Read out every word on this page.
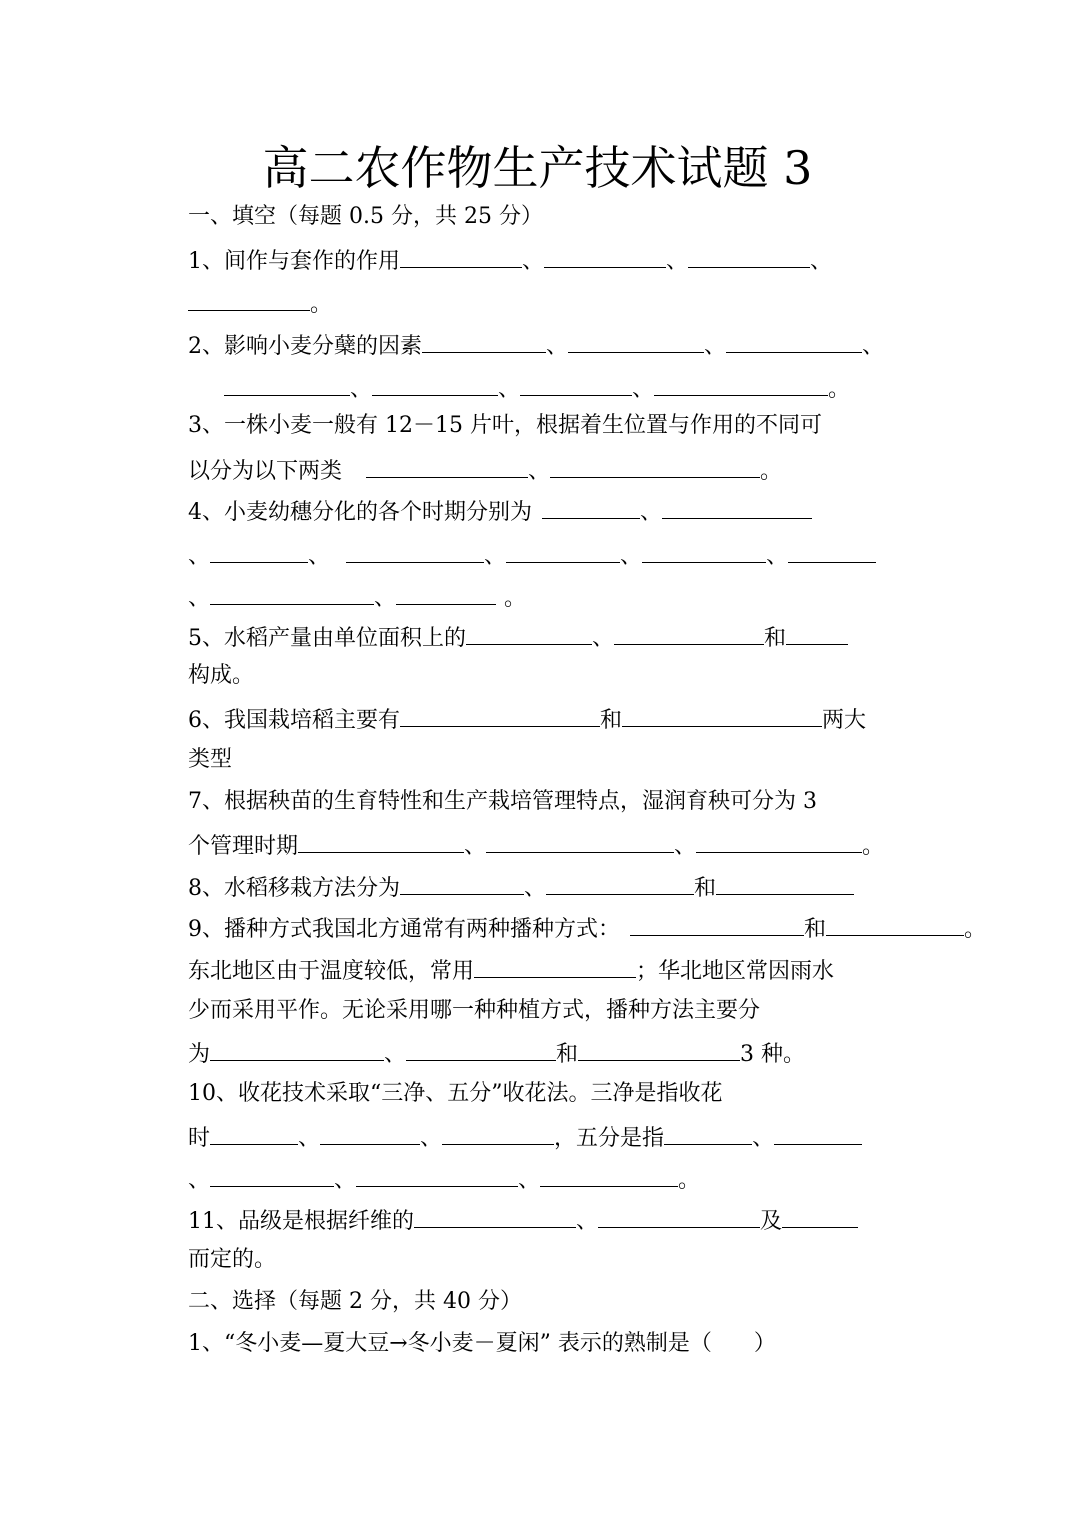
高二农作物生产技术试题 3
一、填空（每题 0.5 分，共 25 分）
1、间作与套作的作用	、	、	、
。
2、影响小麦分蘖的因素	、	、	、
、	、	、	。
3、一株小麦一般有 12－15 片叶，根据着生位置与作用的不同可
以分为以下两类	、	。
4、小麦幼穗分化的各个时期分别为	、
、	、	、	、	、
、	、	。
5、水稻产量由单位面积上的	、	和
构成。
6、我国栽培稻主要有	和	两大
类型
7、根据秧苗的生育特性和生产栽培管理特点，湿润育秧可分为 3
个管理时期	、	、	。
8、水稻移栽方法分为	、	和
9、播种方式我国北方通常有两种播种方式：	和	。
东北地区由于温度较低，常用	；华北地区常因雨水
少而采用平作。无论采用哪一种种植方式，播种方法主要分
为	、	和	3 种。
10、收花技术采取“三净、五分”收花法。三净是指收花
时	、	、	，五分是指	、
、	、	、	。
11、品级是根据纤维的	、	及
而定的。
二、选择（每题 2 分，共 40 分）
1、“冬小麦—夏大豆→冬小麦－夏闲” 表示的熟制是（      ）
